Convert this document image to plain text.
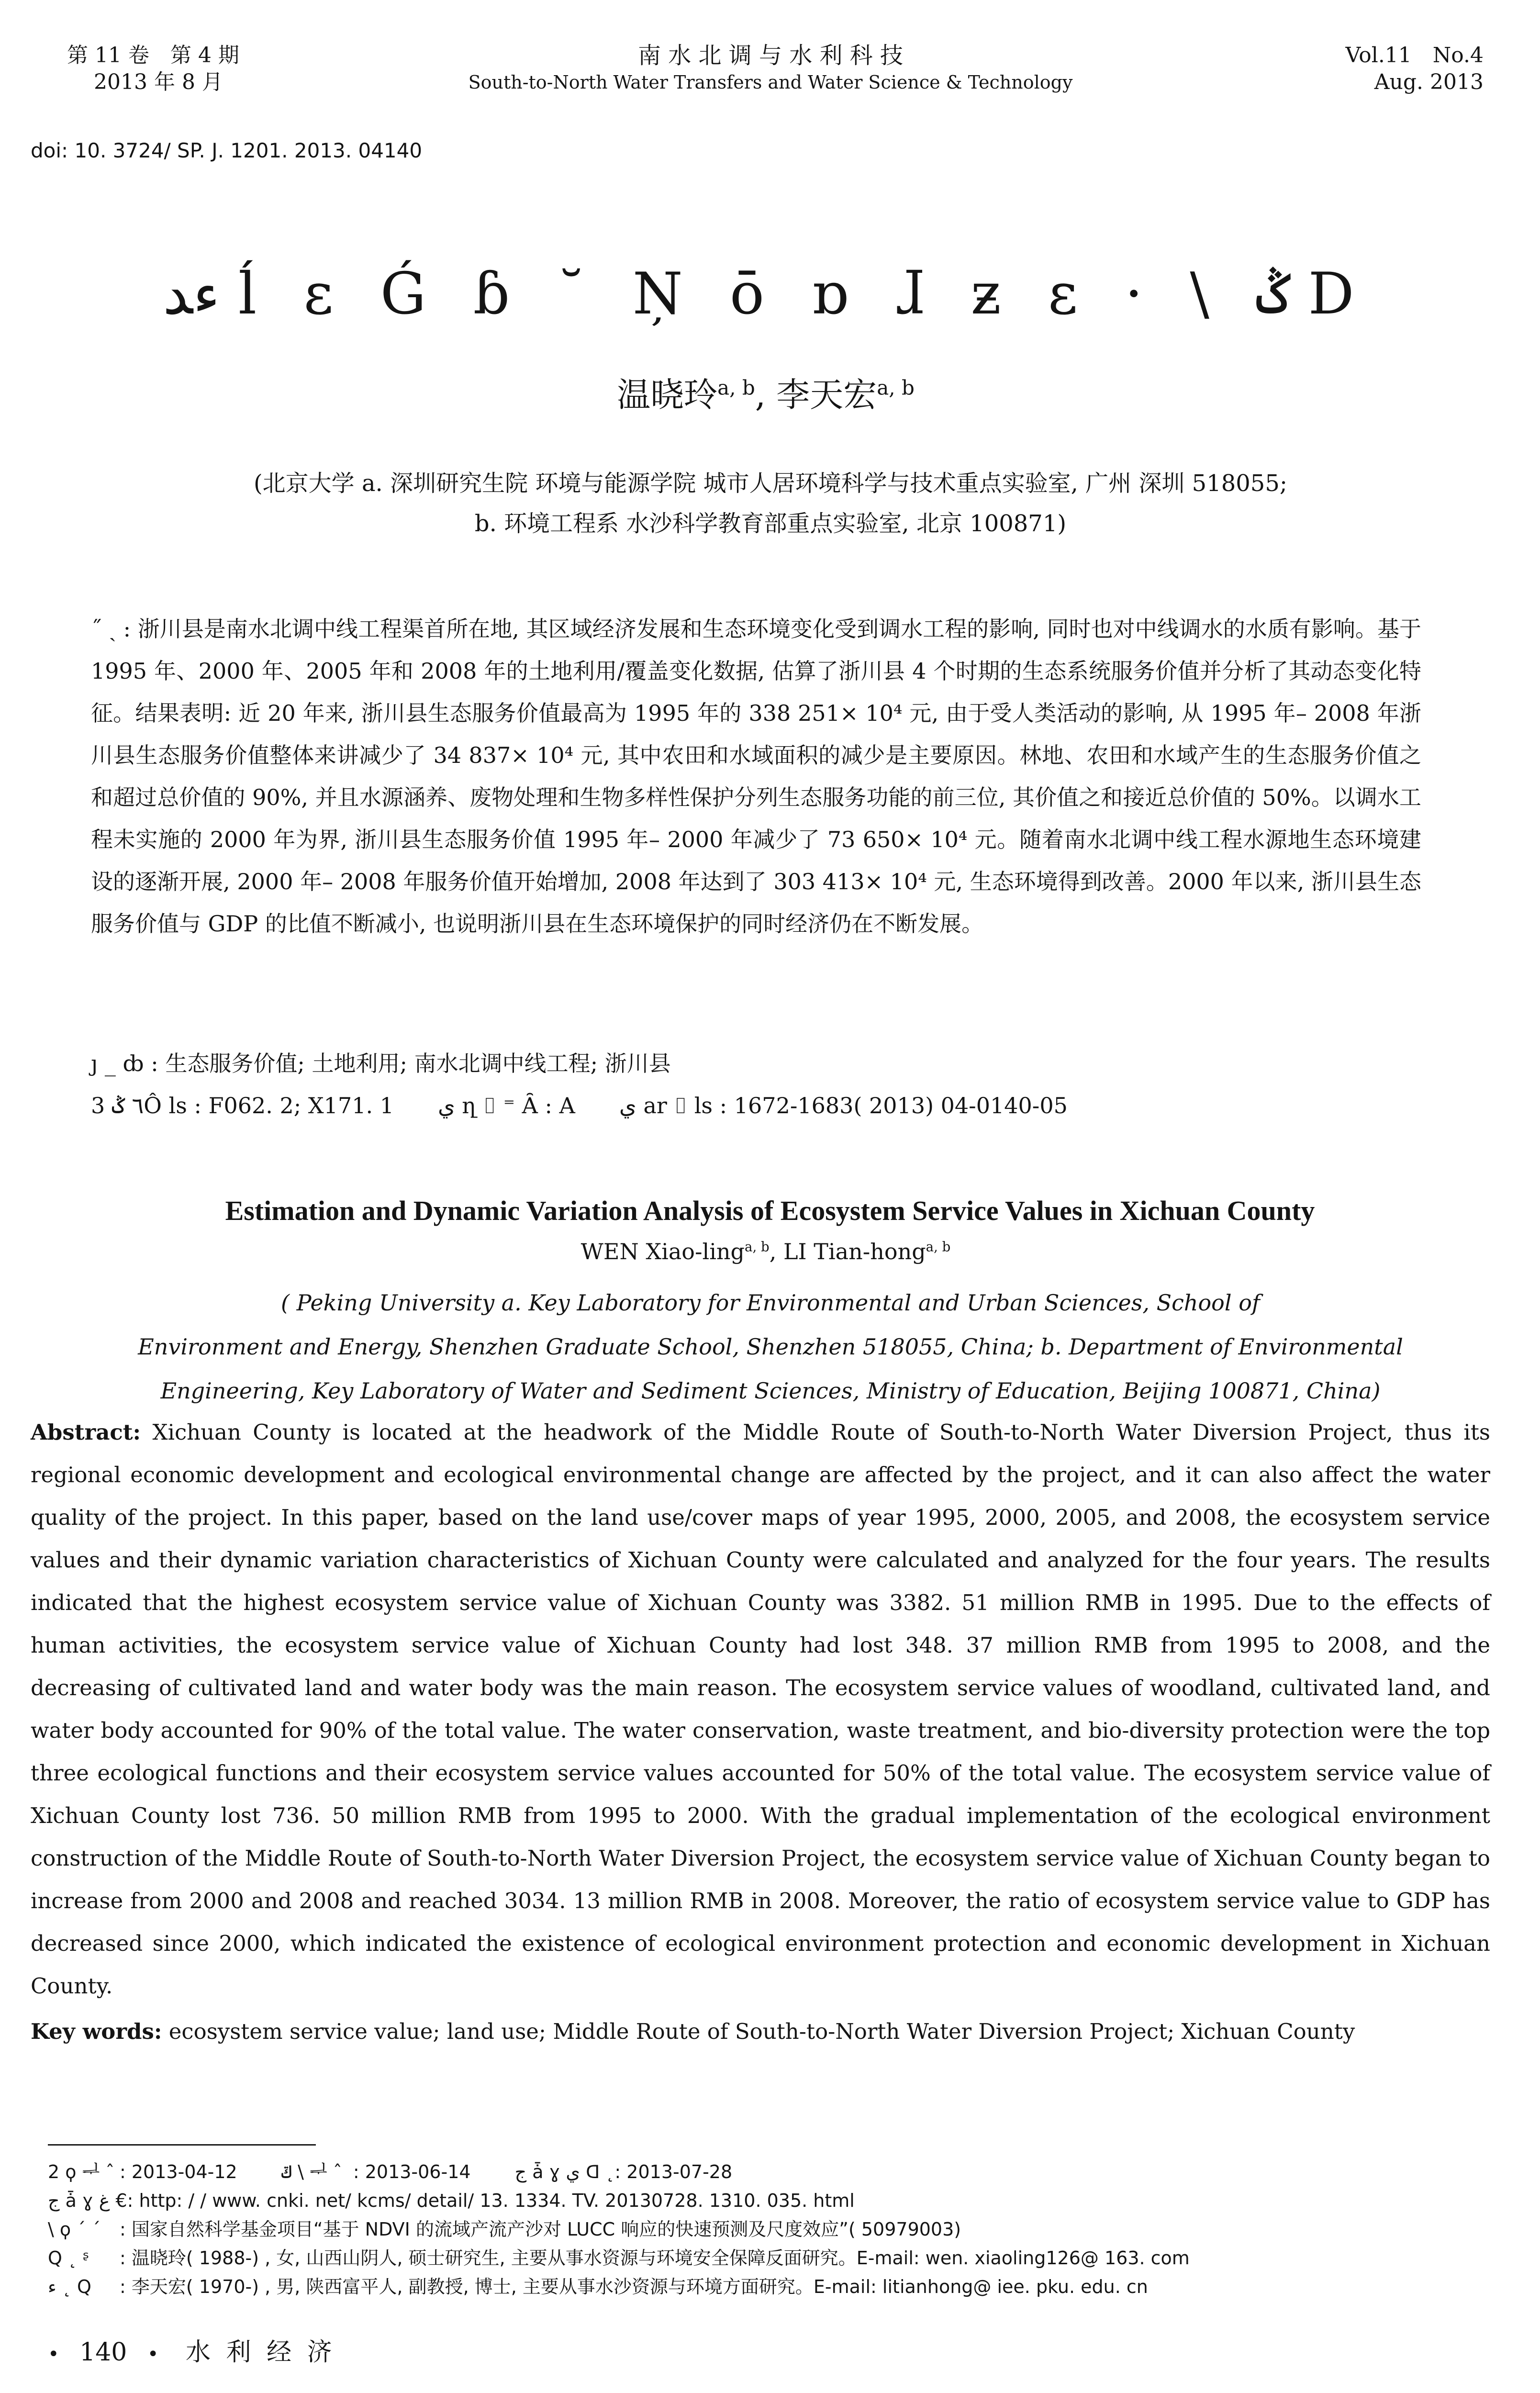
第 11 卷　第 4 期
2013 年 8 月
南 水 北 调 与 水 利 科 技
South-to-North Water Transfers and Water Science & Technology
Vol.11　No.4
Aug. 2013
doi: 10. 3724/ SP. J. 1201. 2013. 04140
ءﺪ ĺ ɛ Ǵ ɓ ˘ Ņ ō ɒ ɺ ƶ ɛ · \ ݣ D
温晓玲$^{a, b}$, 李天宏$^{a, b}$
(北京大学 a. 深圳研究生院 环境与能源学院 城市人居环境科学与技术重点实验室, 广州 深圳 518055;
b. 环境工程系 水沙科学教育部重点实验室, 北京 100871)
˝ ˎ : 浙川县是南水北调中线工程渠首所在地, 其区域经济发展和生态环境变化受到调水工程的影响, 同时也对中线调水的水质有影响。基于 1995 年、2000 年、2005 年和 2008 年的土地利用/覆盖变化数据, 估算了浙川县 4 个时期的生态系统服务价值并分析了其动态变化特征。结果表明: 近 20 年来, 浙川县生态服务价值最高为 1995 年的 338 251× 10⁴ 元, 由于受人类活动的影响, 从 1995 年– 2008 年浙川县生态服务价值整体来讲减少了 34 837× 10⁴ 元, 其中农田和水域面积的减少是主要原因。林地、农田和水域产生的生态服务价值之和超过总价值的 90%, 并且水源涵养、废物处理和生物多样性保护分列生态服务功能的前三位, 其价值之和接近总价值的 50%。以调水工程未实施的 2000 年为界, 浙川县生态服务价值 1995 年– 2000 年减少了 73 650× 10⁴ 元。随着南水北调中线工程水源地生态环境建设的逐渐开展, 2000 年– 2008 年服务价值开始增加, 2008 年达到了 303 413× 10⁴ 元, 生态环境得到改善。2000 年以来, 浙川县生态服务价值与 GDP 的比值不断减小, 也说明浙川县在生态环境保护的同时经济仍在不断发展。
ȷ _ ȸ : 生态服务价值; 土地利用; 南水北调中线工程; 浙川县
3 ٦ ݣÔ ls : F062. 2; X171. 1　　ي ղ ⌷ ⁼ Ȃ : A　　ي ar ⌷ ls : 1672-1683( 2013) 04-0140-05
Estimation and Dynamic Variation Analysis of Ecosystem Service Values in Xichuan County
WEN Xiao-ling$^{a, b}$, LI Tian-hong$^{a, b}$
( Peking University a. Key Laboratory for Environmental and Urban Sciences, School of
Environment and Energy, Shenzhen Graduate School, Shenzhen 518055, China; b. Department of Environmental
Engineering, Key Laboratory of Water and Sediment Sciences, Ministry of Education, Beijing 100871, China)
Abstract: Xichuan County is located at the headwork of the Middle Route of South-to-North Water Diversion Project, thus its regional economic development and ecological environmental change are affected by the project, and it can also affect the water quality of the project. In this paper, based on the land use/cover maps of year 1995, 2000, 2005, and 2008, the ecosystem service values and their dynamic variation characteristics of Xichuan County were calculated and analyzed for the four years. The results indicated that the highest ecosystem service value of Xichuan County was 3382. 51 million RMB in 1995. Due to the effects of human activities, the ecosystem service value of Xichuan County had lost 348. 37 million RMB from 1995 to 2008, and the decreasing of cultivated land and water body was the main reason. The ecosystem service values of woodland, cultivated land, and water body accounted for 90% of the total value. The water conservation, waste treatment, and bio-diversity protection were the top three ecological functions and their ecosystem service values accounted for 50% of the total value. The ecosystem service value of Xichuan County lost 736. 50 million RMB from 1995 to 2000. With the gradual implementation of the ecological environment construction of the Middle Route of South-to-North Water Diversion Project, the ecosystem service value of Xichuan County began to increase from 2000 and 2008 and reached 3034. 13 million RMB in 2008. Moreover, the ratio of ecosystem service value to GDP has decreased since 2000, which indicated the existence of ecological environment protection and economic development in Xichuan County.
Key words: ecosystem service value; land use; Middle Route of South-to-North Water Diversion Project; Xichuan County
2 ϙ ᆗ ˆ : 2013-04-12 ݿ \ ᆗ ˆ : 2013-06-14 ج ǡ ɣ ي ᗡ ˛: 2013-07-28
ج ǡ ɣ غ €: http: / / www. cnki. net/ kcms/ detail/ 13. 1334. TV. 20130728. 1310. 035. html
\ ϙ ˊ ˊ : 国家自然科学基金项目“基于 NDVI 的流域产流产沙对 LUCC 响应的快速预测及尺度效应”( 50979003)
Q ˛ ᶳ : 温晓玲( 1988-) , 女, 山西山阴人, 硕士研究生, 主要从事水资源与环境安全保障反面研究。E-mail: wen. xiaoling126@ 163. com
ء ˛ Q : 李天宏( 1970-) , 男, 陕西富平人, 副教授, 博士, 主要从事水沙资源与环境方面研究。E-mail: litianhong@ iee. pku. edu. cn
• 140 • 水 利 经 济
